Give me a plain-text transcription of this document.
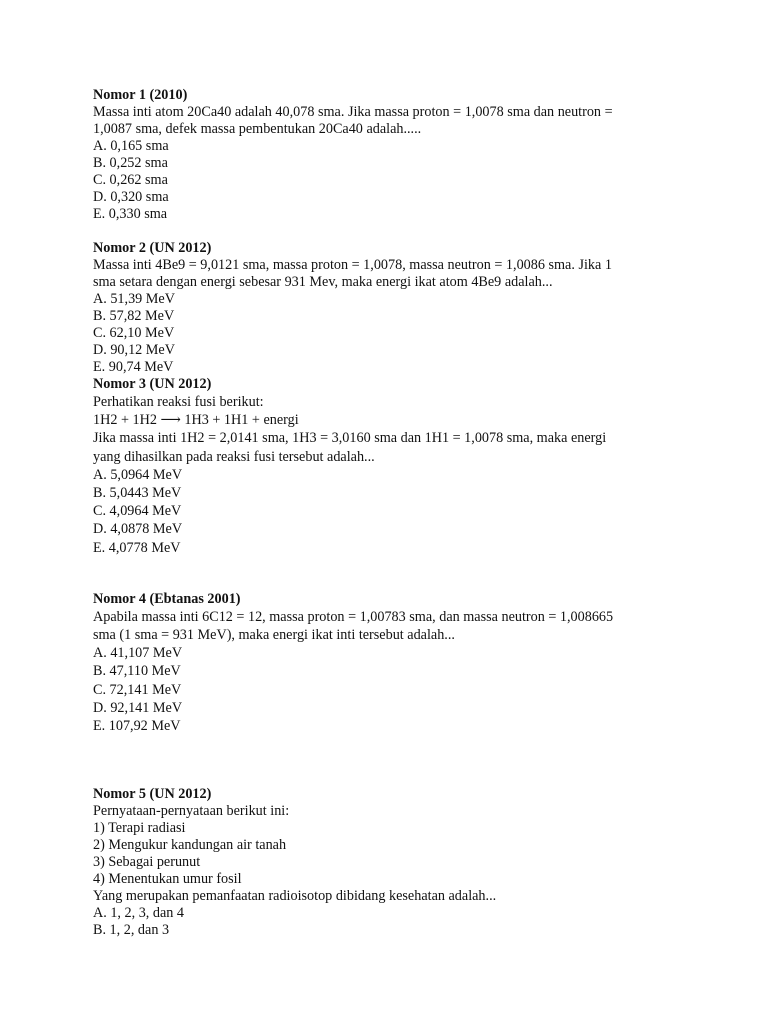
Nomor 1 (2010)
Massa inti atom 20Ca40 adalah 40,078 sma. Jika massa proton = 1,0078 sma dan neutron =
1,0087 sma, defek massa pembentukan 20Ca40 adalah.....
A. 0,165 sma
B. 0,252 sma
C. 0,262 sma
D. 0,320 sma
E. 0,330 sma
Nomor 2 (UN 2012)
Massa inti 4Be9 = 9,0121 sma, massa proton = 1,0078, massa neutron = 1,0086 sma. Jika 1
sma setara dengan energi sebesar 931 Mev, maka energi ikat atom 4Be9 adalah...
A. 51,39 MeV
B. 57,82 MeV
C. 62,10 MeV
D. 90,12 MeV
E. 90,74 MeV
Nomor 3 (UN 2012)
Perhatikan reaksi fusi berikut:
1H2 + 1H2 ⟶ 1H3 + 1H1 + energi
Jika massa inti 1H2 = 2,0141 sma, 1H3 = 3,0160 sma dan 1H1 = 1,0078 sma, maka energi
yang dihasilkan pada reaksi fusi tersebut adalah...
A. 5,0964 MeV
B. 5,0443 MeV
C. 4,0964 MeV
D. 4,0878 MeV
E. 4,0778 MeV
Nomor 4 (Ebtanas 2001)
Apabila massa inti 6C12 = 12, massa proton = 1,00783 sma, dan massa neutron = 1,008665
sma (1 sma = 931 MeV), maka energi ikat inti tersebut adalah...
A. 41,107 MeV
B. 47,110 MeV
C. 72,141 MeV
D. 92,141 MeV
E. 107,92 MeV
Nomor 5 (UN 2012)
Pernyataan-pernyataan berikut ini:
1) Terapi radiasi
2) Mengukur kandungan air tanah
3) Sebagai perunut
4) Menentukan umur fosil
Yang merupakan pemanfaatan radioisotop dibidang kesehatan adalah...
A. 1, 2, 3, dan 4
B. 1, 2, dan 3
